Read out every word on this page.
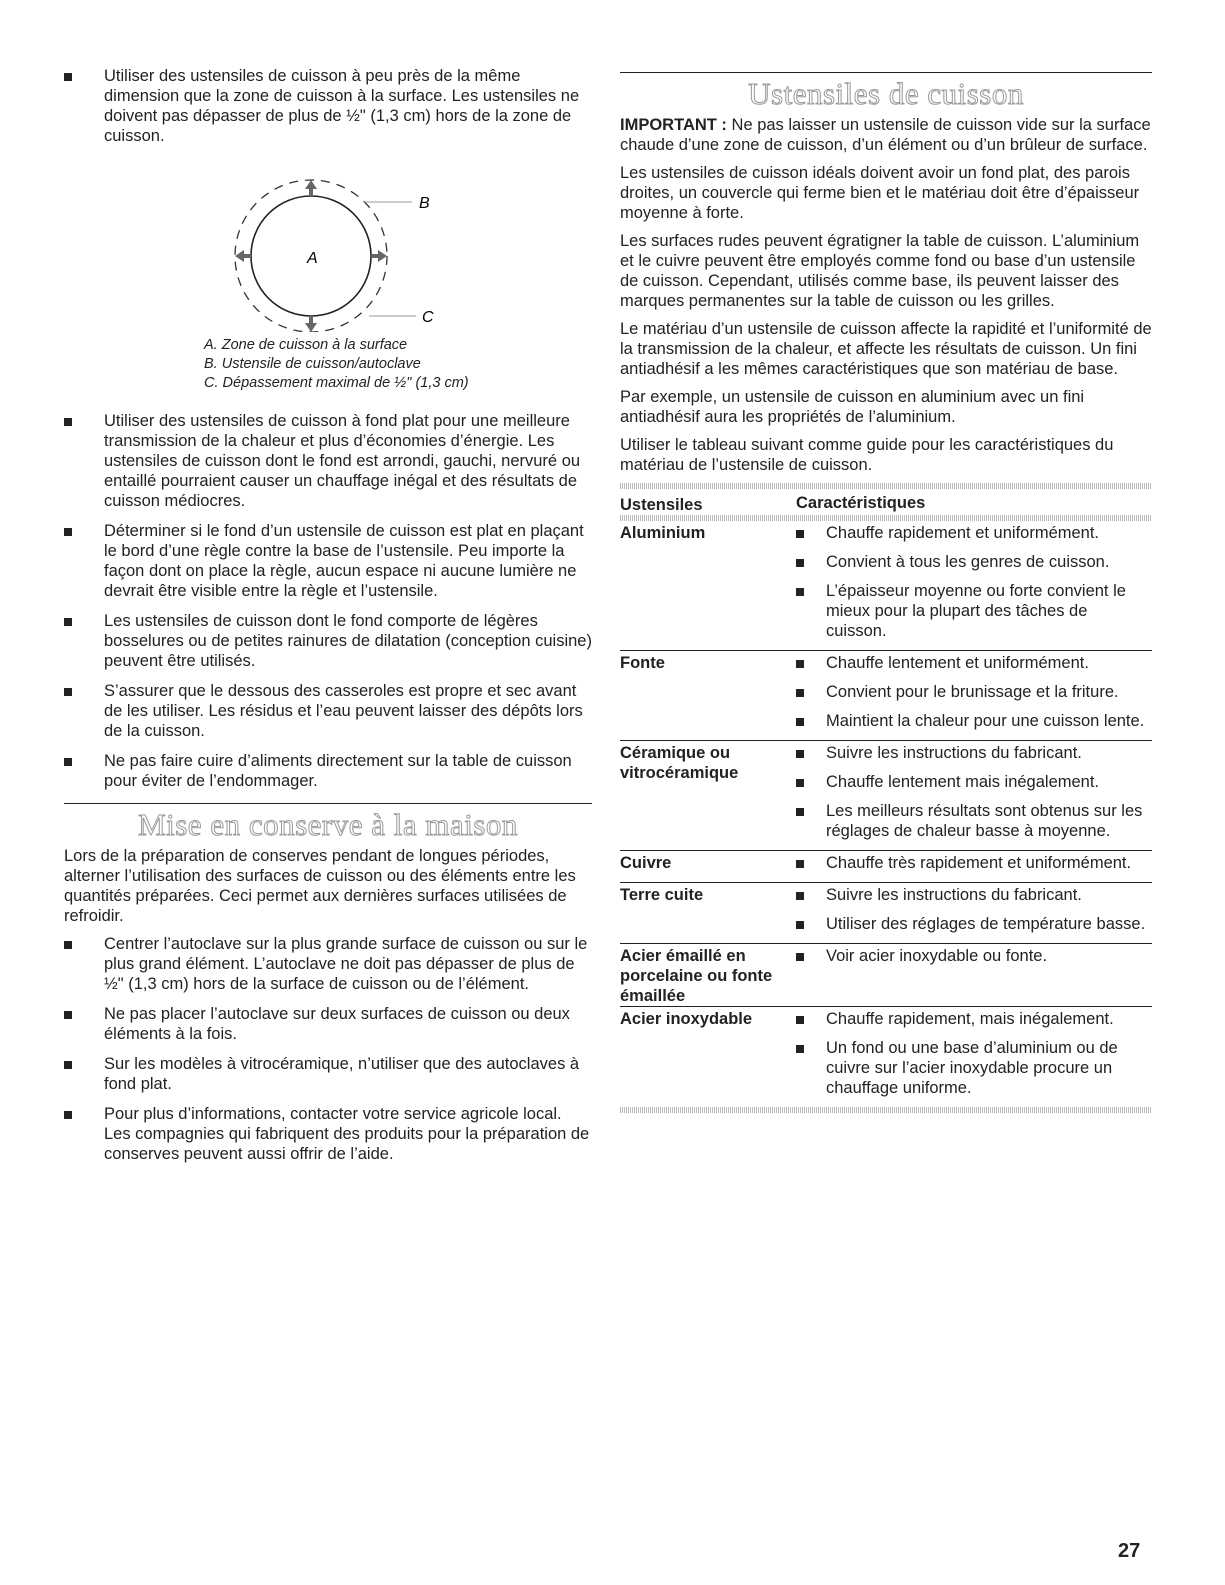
Utiliser des ustensiles de cuisson à peu près de la même dimension que la zone de cuisson à la surface. Les ustensiles ne doivent pas dépasser de plus de ½" (1,3 cm) hors de la zone de cuisson.
A
B
C
A. Zone de cuisson à la surface
B. Ustensile de cuisson/autoclave
C. Dépassement maximal de ½" (1,3 cm)
Utiliser des ustensiles de cuisson à fond plat pour une meilleure transmission de la chaleur et plus d’économies d’énergie. Les ustensiles de cuisson dont le fond est arrondi, gauchi, nervuré ou entaillé pourraient causer un chauffage inégal et des résultats de cuisson médiocres.
Déterminer si le fond d’un ustensile de cuisson est plat en plaçant le bord d’une règle contre la base de l’ustensile. Peu importe la façon dont on place la règle, aucun espace ni aucune lumière ne devrait être visible entre la règle et l’ustensile.
Les ustensiles de cuisson dont le fond comporte de légères bosselures ou de petites rainures de dilatation (conception cuisine) peuvent être utilisés.
S’assurer que le dessous des casseroles est propre et sec avant de les utiliser. Les résidus et l’eau peuvent laisser des dépôts lors de la cuisson.
Ne pas faire cuire d’aliments directement sur la table de cuisson pour éviter de l’endommager.
Mise en conserve à la maison

Lors de la préparation de conserves pendant de longues périodes, alterner l’utilisation des surfaces de cuisson ou des éléments entre les quantités préparées. Ceci permet aux dernières surfaces utilisées de refroidir.

Centrer l’autoclave sur la plus grande surface de cuisson ou sur le plus grand élément. L’autoclave ne doit pas dépasser de plus de ½" (1,3 cm) hors de la surface de cuisson ou de l’élément.
Ne pas placer l’autoclave sur deux surfaces de cuisson ou deux éléments à la fois.
Sur les modèles à vitrocéramique, n’utiliser que des autoclaves à fond plat.
Pour plus d’informations, contacter votre service agricole local. Les compagnies qui fabriquent des produits pour la préparation de conserves peuvent aussi offrir de l’aide.
Ustensiles de cuisson

IMPORTANT : Ne pas laisser un ustensile de cuisson vide sur la surface chaude d’une zone de cuisson, d’un élément ou d’un brûleur de surface.

Les ustensiles de cuisson idéals doivent avoir un fond plat, des parois droites, un couvercle qui ferme bien et le matériau doit être d’épaisseur moyenne à forte.

Les surfaces rudes peuvent égratigner la table de cuisson. L’aluminium et le cuivre peuvent être employés comme fond ou base d’un ustensile de cuisson. Cependant, utilisés comme base, ils peuvent laisser des marques permanentes sur la table de cuisson ou les grilles.

Le matériau d’un ustensile de cuisson affecte la rapidité et l’uniformité de la transmission de la chaleur, et affecte les résultats de cuisson. Un fini antiadhésif a les mêmes caractéristiques que son matériau de base.

Par exemple, un ustensile de cuisson en aluminium avec un fini antiadhésif aura les propriétés de l’aluminium.

Utiliser le tableau suivant comme guide pour les caractéristiques du matériau de l’ustensile de cuisson.

Ustensiles	Caractéristiques

Aluminium	Chauffe rapidement et uniformément.
Convient à tous les genres de cuisson.
L’épaisseur moyenne ou forte convient le mieux pour la plupart des tâches de cuisson.

Fonte	Chauffe lentement et uniformément.
Convient pour le brunissage et la friture.
Maintient la chaleur pour une cuisson lente.

Céramique ou vitrocéramique	Suivre les instructions du fabricant.
Chauffe lentement mais inégalement.
Les meilleurs résultats sont obtenus sur les réglages de chaleur basse à moyenne.

Cuivre	Chauffe très rapidement et uniformément.

Terre cuite	Suivre les instructions du fabricant.
Utiliser des réglages de température basse.

Acier émaillé en porcelaine ou fonte émaillée	Voir acier inoxydable ou fonte.

Acier inoxydable	Chauffe rapidement, mais inégalement.
Un fond ou une base d’aluminium ou de cuivre sur l’acier inoxydable procure un chauffage uniforme.
27
